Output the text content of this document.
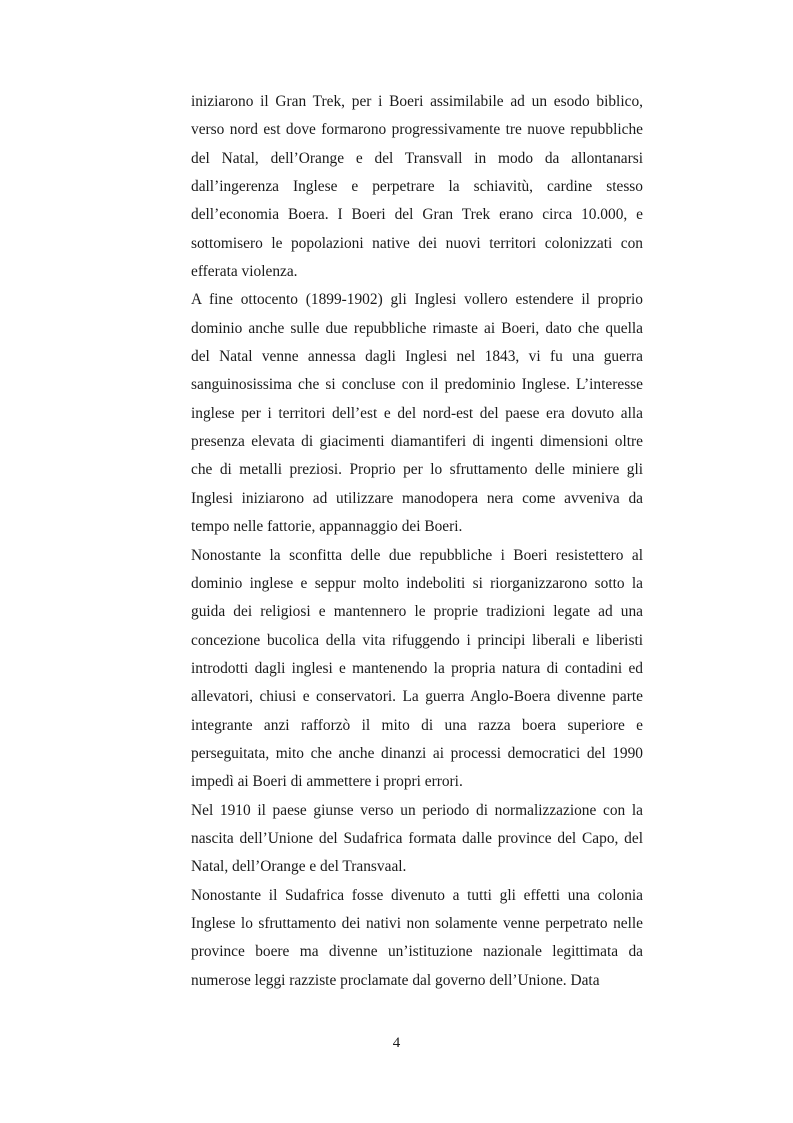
iniziarono il Gran Trek, per i Boeri assimilabile ad un esodo biblico, verso nord est dove formarono progressivamente tre nuove repubbliche del Natal, dell’Orange e del Transvall in modo da allontanarsi dall’ingerenza Inglese e perpetrare la schiavitù, cardine stesso dell’economia Boera. I Boeri del Gran Trek erano circa 10.000, e sottomisero le popolazioni native dei nuovi territori colonizzati con efferata violenza.

A fine ottocento (1899-1902) gli Inglesi vollero estendere il proprio dominio anche sulle due repubbliche rimaste ai Boeri, dato che quella del Natal venne annessa dagli Inglesi nel 1843, vi fu una guerra sanguinosissima che si concluse con il predominio Inglese. L’interesse inglese per i territori dell’est e del nord-est del paese era dovuto alla presenza elevata di giacimenti diamantiferi di ingenti dimensioni oltre che di metalli preziosi. Proprio per lo sfruttamento delle miniere gli Inglesi iniziarono ad utilizzare manodopera nera come avveniva da tempo nelle fattorie, appannaggio dei Boeri.

Nonostante la sconfitta delle due repubbliche i Boeri resistettero al dominio inglese e seppur molto indeboliti si riorganizzarono sotto la guida dei religiosi e mantennero le proprie tradizioni legate ad una concezione bucolica della vita rifuggendo i principi liberali e liberisti introdotti dagli inglesi e mantenendo la propria natura di contadini ed allevatori, chiusi e conservatori. La guerra Anglo-Boera divenne parte integrante anzi rafforzò il mito di una razza boera superiore e perseguitata, mito che anche dinanzi ai processi democratici del 1990 impedì ai Boeri di ammettere i propri errori.

Nel 1910 il paese giunse verso un periodo di normalizzazione con la nascita dell’Unione del Sudafrica formata dalle province del Capo, del Natal, dell’Orange e del Transvaal.

Nonostante il Sudafrica fosse divenuto a tutti gli effetti una colonia Inglese lo sfruttamento dei nativi non solamente venne perpetrato nelle province boere ma divenne un’istituzione nazionale legittimata da numerose leggi razziste proclamate dal governo dell’Unione. Data

4
